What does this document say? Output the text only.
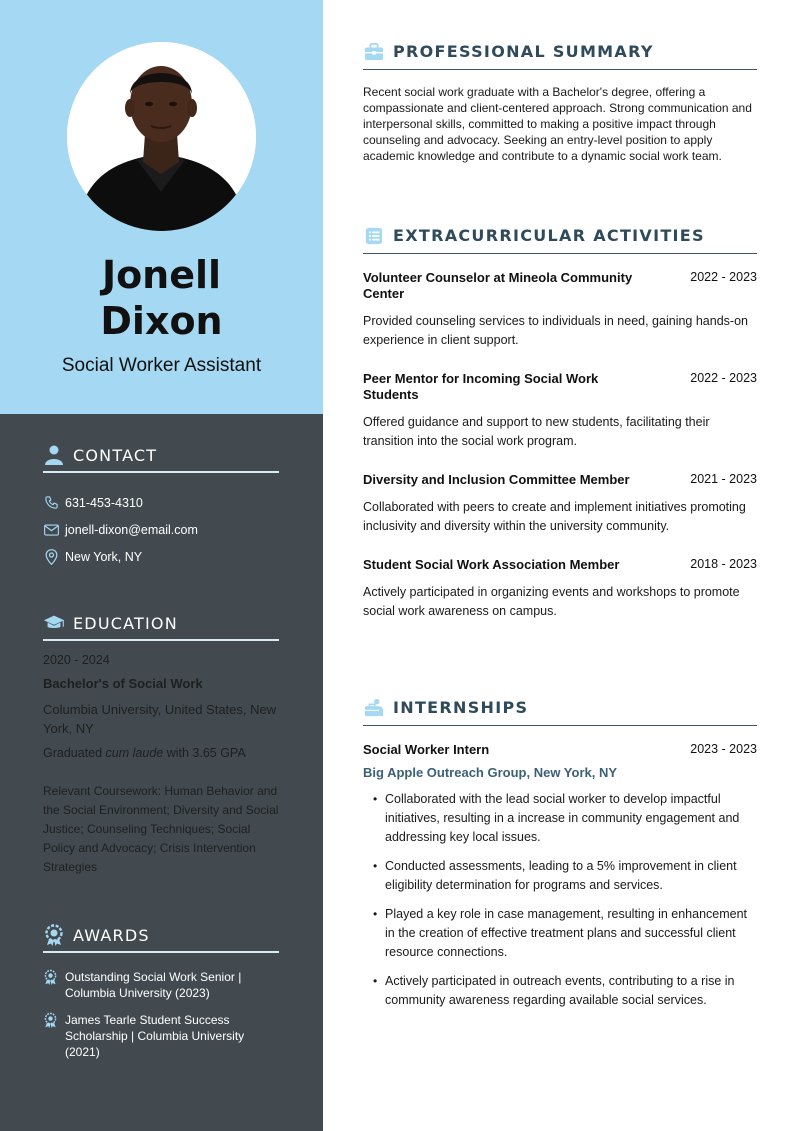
Jonell
Dixon
Social Worker Assistant
CONTACT
631-453-4310
jonell-dixon@email.com
New York, NY
EDUCATION
2020 - 2024
Bachelor's of Social Work
Columbia University, United States, New York, NY
Graduated cum laude with 3.65 GPA
Relevant Coursework: Human Behavior and the Social Environment; Diversity and Social Justice; Counseling Techniques; Social Policy and Advocacy; Crisis Intervention Strategies
AWARDS
Outstanding Social Work Senior | Columbia University (2023)
James Tearle Student Success Scholarship | Columbia University (2021)
PROFESSIONAL SUMMARY
Recent social work graduate with a Bachelor's degree, offering a compassionate and client-centered approach. Strong communication and interpersonal skills, committed to making a positive impact through counseling and advocacy. Seeking an entry-level position to apply academic knowledge and contribute to a dynamic social work team.
EXTRACURRICULAR ACTIVITIES
Volunteer Counselor at Mineola Community Center
2022 - 2023
Provided counseling services to individuals in need, gaining hands-on experience in client support.
Peer Mentor for Incoming Social Work Students
2022 - 2023
Offered guidance and support to new students, facilitating their transition into the social work program.
Diversity and Inclusion Committee Member	2021 - 2023
Collaborated with peers to create and implement initiatives promoting inclusivity and diversity within the university community.
Student Social Work Association Member	2018 - 2023
Actively participated in organizing events and workshops to promote social work awareness on campus.
INTERNSHIPS
Social Worker Intern	2023 - 2023
Big Apple Outreach Group, New York, NY
• Collaborated with the lead social worker to develop impactful initiatives, resulting in a increase in community engagement and addressing key local issues.
• Conducted assessments, leading to a 5% improvement in client eligibility determination for programs and services.
• Played a key role in case management, resulting in enhancement in the creation of effective treatment plans and successful client resource connections.
• Actively participated in outreach events, contributing to a rise in community awareness regarding available social services.
